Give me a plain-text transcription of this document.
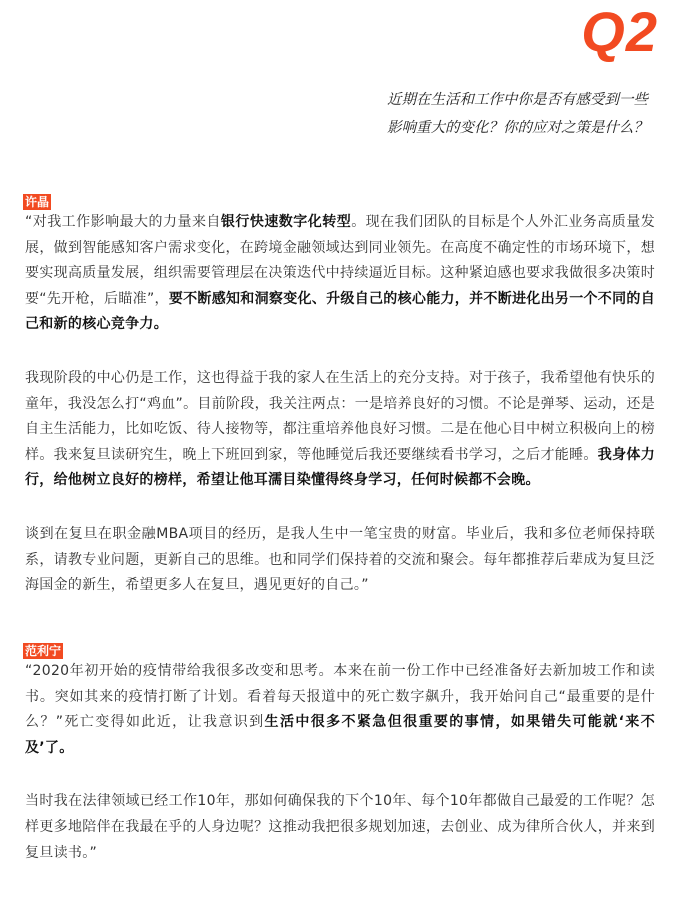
Q2
近期在生活和工作中你是否有感受到一些
影响重大的变化？你的应对之策是什么？
许晶

“对我工作影响最大的力量来自银行快速数字化转型。现在我们团队的目标是个人外汇业务高质量发展，做到智能感知客户需求变化，在跨境金融领域达到同业领先。在高度不确定性的市场环境下，想要实现高质量发展，组织需要管理层在决策迭代中持续逼近目标。这种紧迫感也要求我做很多决策时要“先开枪，后瞄准”，要不断感知和洞察变化、升级自己的核心能力，并不断进化出另一个不同的自己和新的核心竞争力。

我现阶段的中心仍是工作，这也得益于我的家人在生活上的充分支持。对于孩子，我希望他有快乐的童年，我没怎么打“鸡血”。目前阶段，我关注两点：一是培养良好的习惯。不论是弹琴、运动，还是自主生活能力，比如吃饭、待人接物等，都注重培养他良好习惯。二是在他心目中树立积极向上的榜样。我来复旦读研究生，晚上下班回到家，等他睡觉后我还要继续看书学习，之后才能睡。我身体力行，给他树立良好的榜样，希望让他耳濡目染懂得终身学习，任何时候都不会晚。

谈到在复旦在职金融MBA项目的经历，是我人生中一笔宝贵的财富。毕业后，我和多位老师保持联系，请教专业问题，更新自己的思维。也和同学们保持着的交流和聚会。每年都推荐后辈成为复旦泛海国金的新生，希望更多人在复旦，遇见更好的自己。”

范利宁

“2020年初开始的疫情带给我很多改变和思考。本来在前一份工作中已经准备好去新加坡工作和读书。突如其来的疫情打断了计划。看着每天报道中的死亡数字飙升，我开始问自己“最重要的是什么？”死亡变得如此近，让我意识到生活中很多不紧急但很重要的事情，如果错失可能就‘来不及’了。

当时我在法律领域已经工作10年，那如何确保我的下个10年、每个10年都做自己最爱的工作呢？怎样更多地陪伴在我最在乎的人身边呢？这推动我把很多规划加速，去创业、成为律所合伙人，并来到复旦读书。”
